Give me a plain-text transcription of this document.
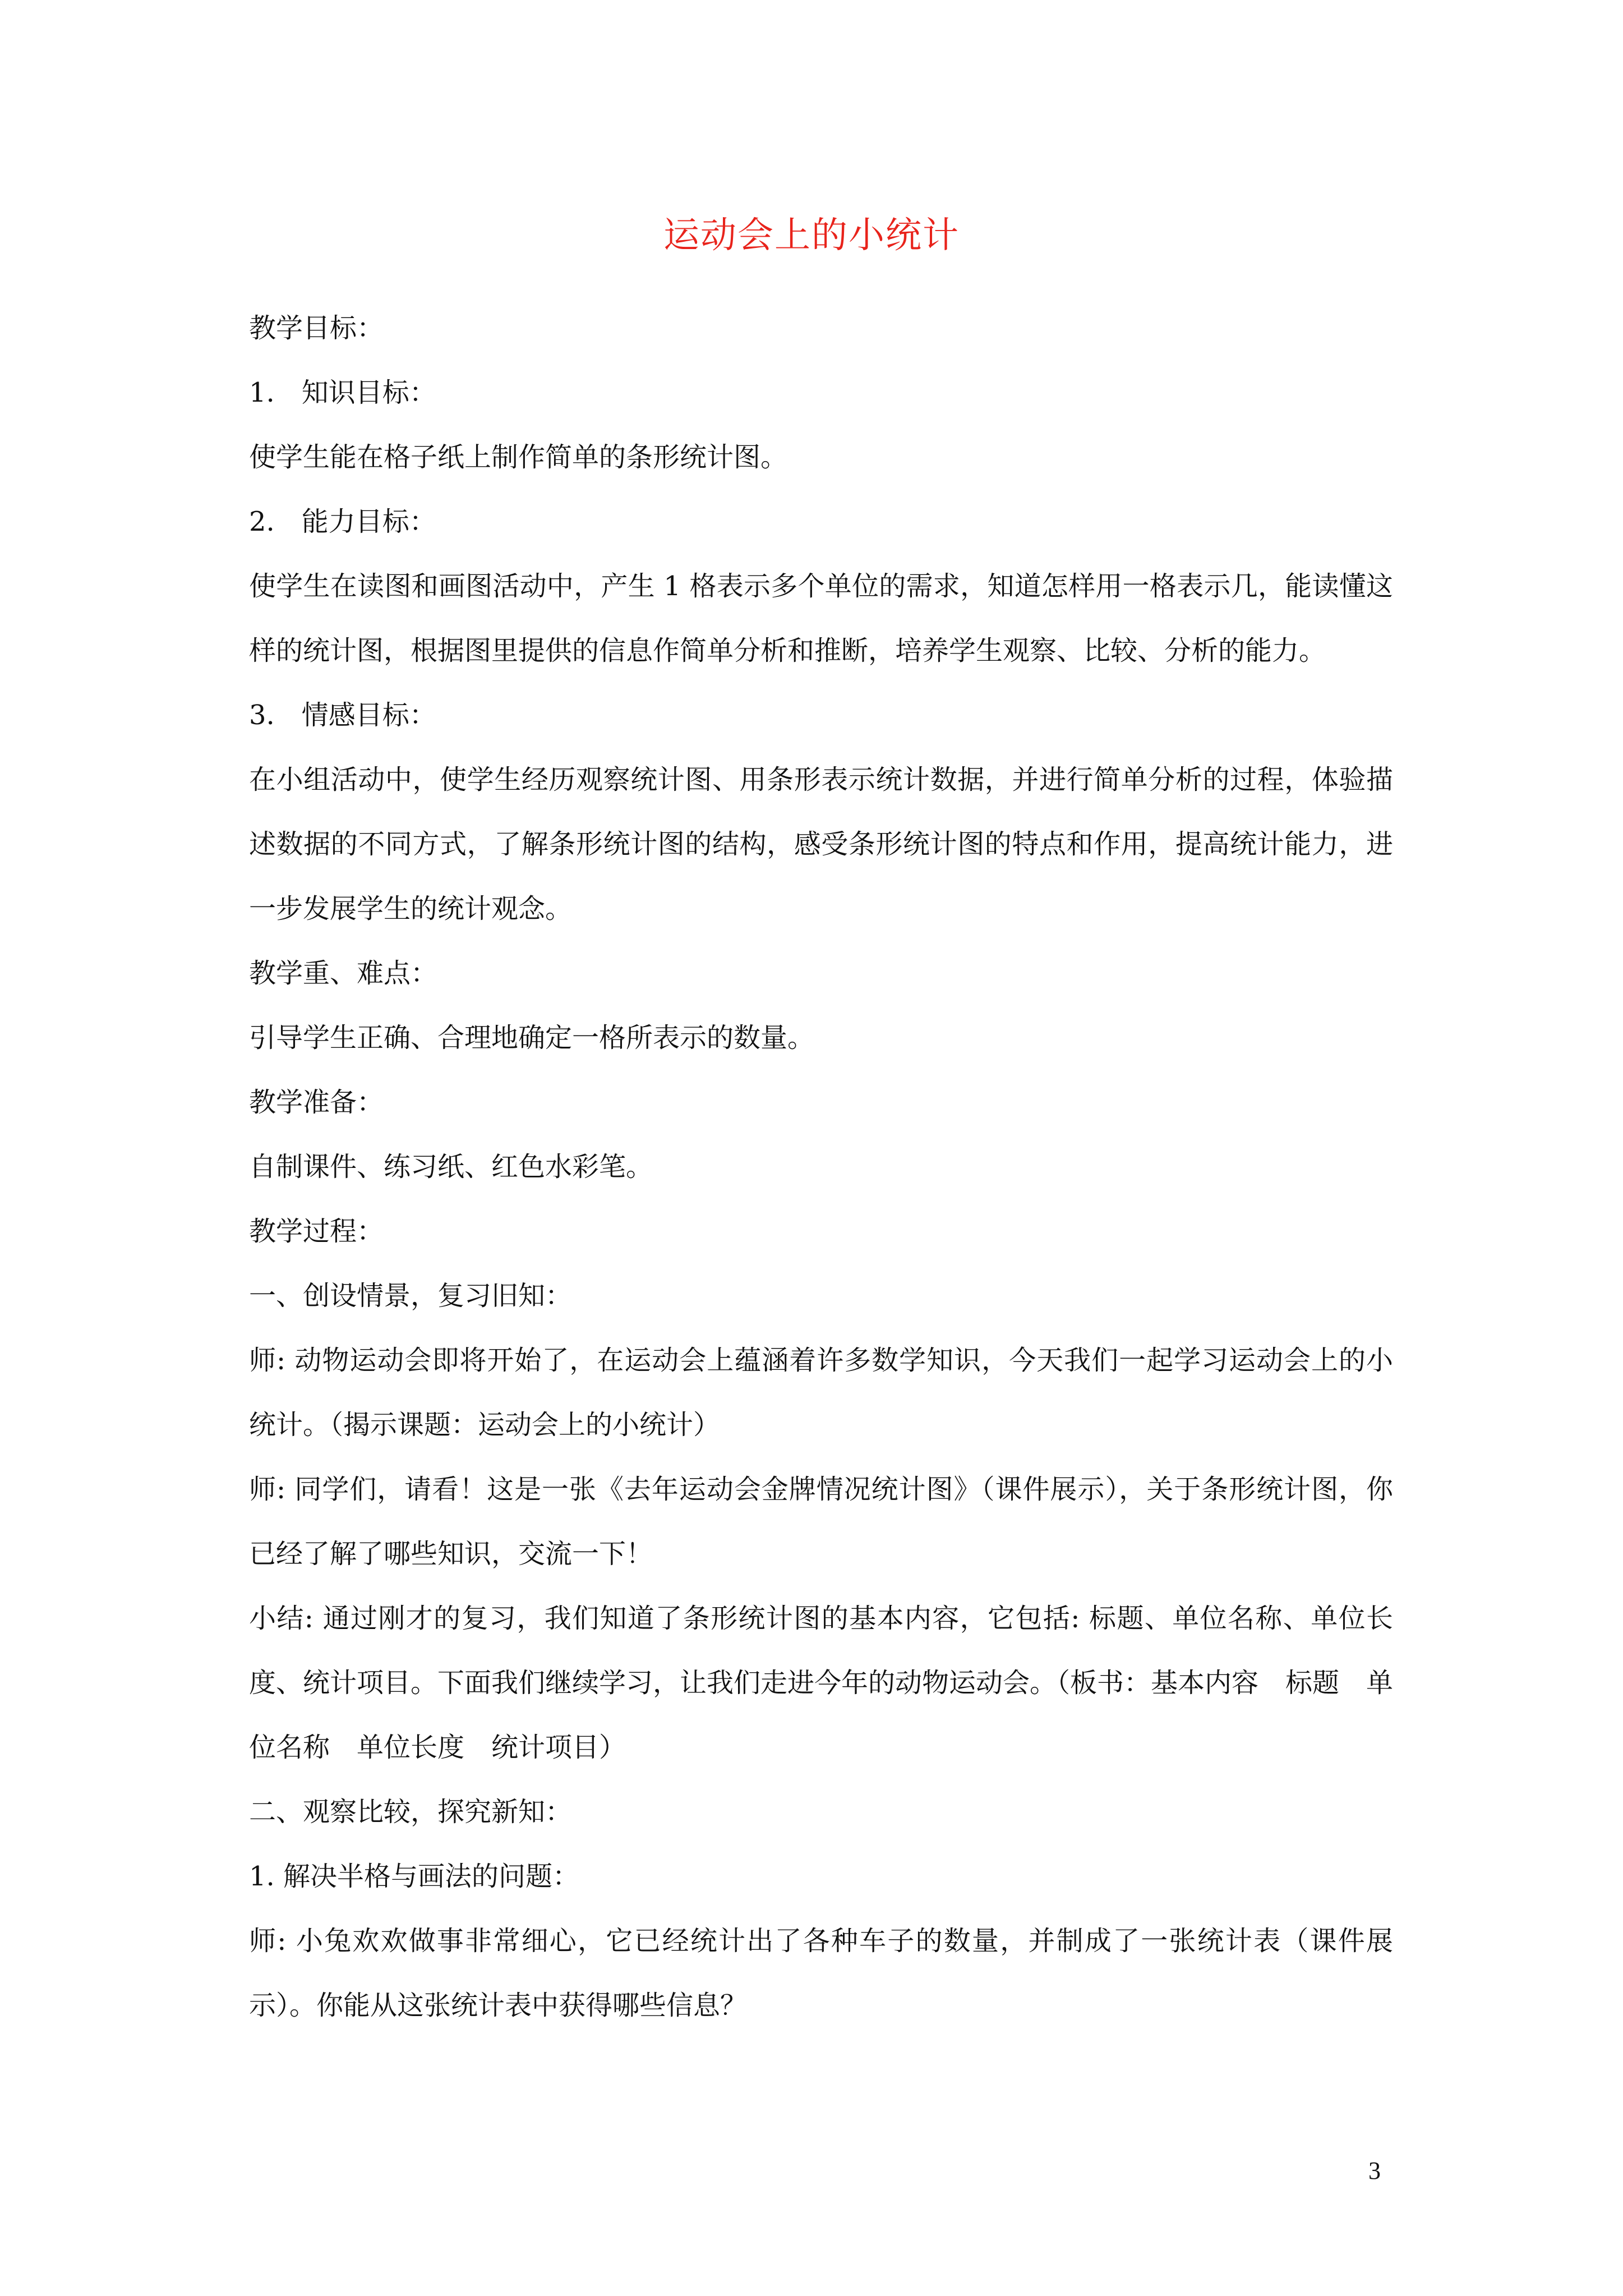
运动会上的小统计

教学目标：

1.　知识目标：

使学生能在格子纸上制作简单的条形统计图。

2.　能力目标：

使学生在读图和画图活动中，产生 1 格表示多个单位的需求，知道怎样用一格表示几，能读懂这样的统计图，根据图里提供的信息作简单分析和推断，培养学生观察、比较、分析的能力。

3.　情感目标：

在小组活动中，使学生经历观察统计图、用条形表示统计数据，并进行简单分析的过程，体验描述数据的不同方式，了解条形统计图的结构，感受条形统计图的特点和作用，提高统计能力，进一步发展学生的统计观念。

教学重、难点：

引导学生正确、合理地确定一格所表示的数量。

教学准备：

自制课件、练习纸、红色水彩笔。

教学过程：

一、创设情景，复习旧知：

师: 动物运动会即将开始了，在运动会上蕴涵着许多数学知识，今天我们一起学习运动会上的小统计。（揭示课题：运动会上的小统计）

师: 同学们，请看！这是一张《去年运动会金牌情况统计图》（课件展示），关于条形统计图，你已经了解了哪些知识，交流一下！

小结: 通过刚才的复习，我们知道了条形统计图的基本内容，它包括: 标题、单位名称、单位长度、统计项目。下面我们继续学习，让我们走进今年的动物运动会。（板书：基本内容　标题　单位名称　单位长度　统计项目）

二、观察比较，探究新知：

1. 解决半格与画法的问题：

师: 小兔欢欢做事非常细心，它已经统计出了各种车子的数量，并制成了一张统计表（课件展示）。你能从这张统计表中获得哪些信息？

3
